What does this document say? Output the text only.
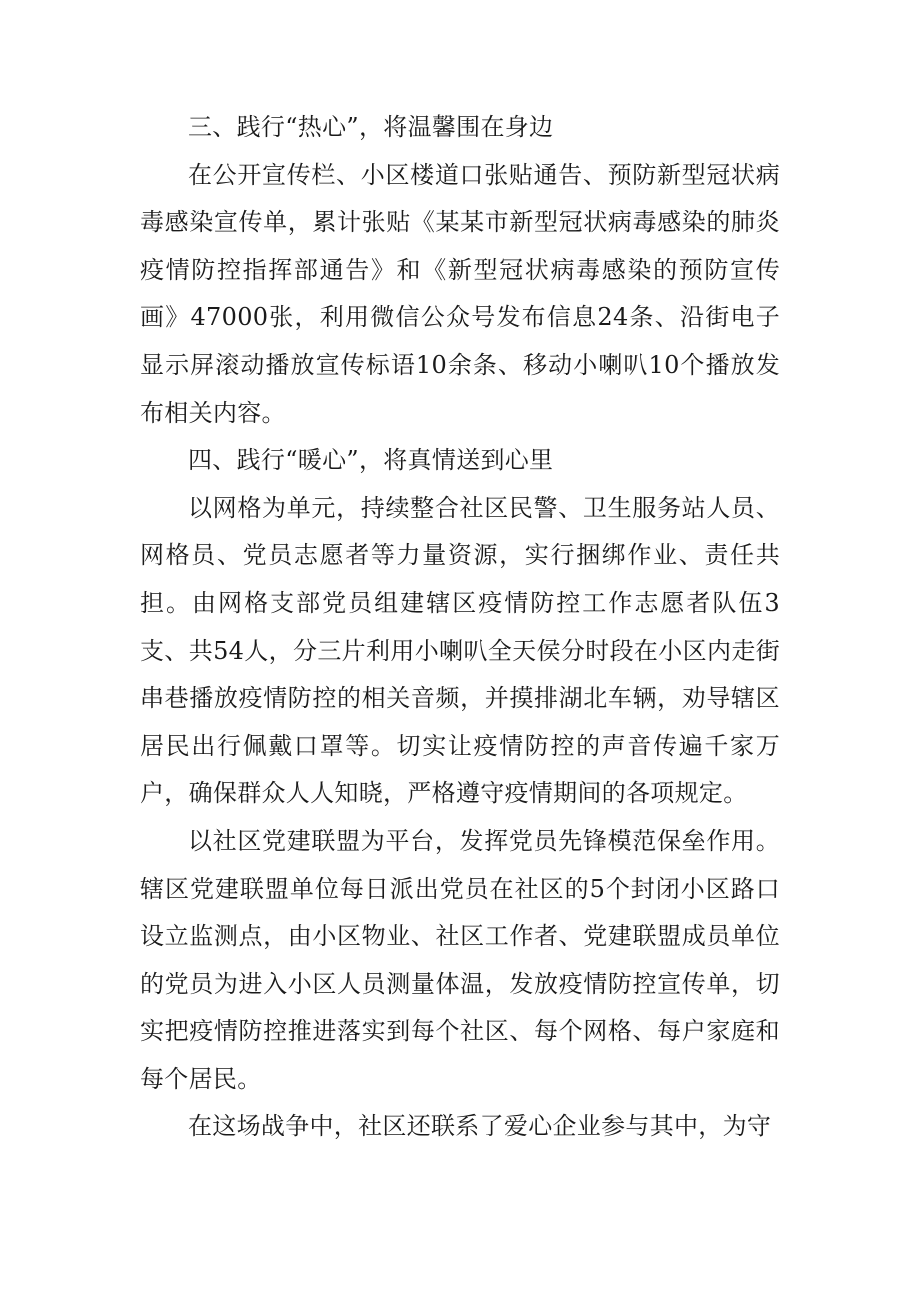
三、践行“热心”，将温馨围在身边

在公开宣传栏、小区楼道口张贴通告、预防新型冠状病毒感染宣传单，累计张贴《某某市新型冠状病毒感染的肺炎疫情防控指挥部通告》和《新型冠状病毒感染的预防宣传画》47000张，利用微信公众号发布信息24条、沿街电子显示屏滚动播放宣传标语10余条、移动小喇叭10个播放发布相关内容。

四、践行“暖心”，将真情送到心里

以网格为单元，持续整合社区民警、卫生服务站人员、网格员、党员志愿者等力量资源，实行捆绑作业、责任共担。由网格支部党员组建辖区疫情防控工作志愿者队伍3支、共54人，分三片利用小喇叭全天侯分时段在小区内走街串巷播放疫情防控的相关音频，并摸排湖北车辆，劝导辖区居民出行佩戴口罩等。切实让疫情防控的声音传遍千家万户，确保群众人人知晓，严格遵守疫情期间的各项规定。

以社区党建联盟为平台，发挥党员先锋模范保垒作用。辖区党建联盟单位每日派出党员在社区的5个封闭小区路口设立监测点，由小区物业、社区工作者、党建联盟成员单位的党员为进入小区人员测量体温，发放疫情防控宣传单，切实把疫情防控推进落实到每个社区、每个网格、每户家庭和每个居民。

在这场战争中，社区还联系了爱心企业参与其中，为守
